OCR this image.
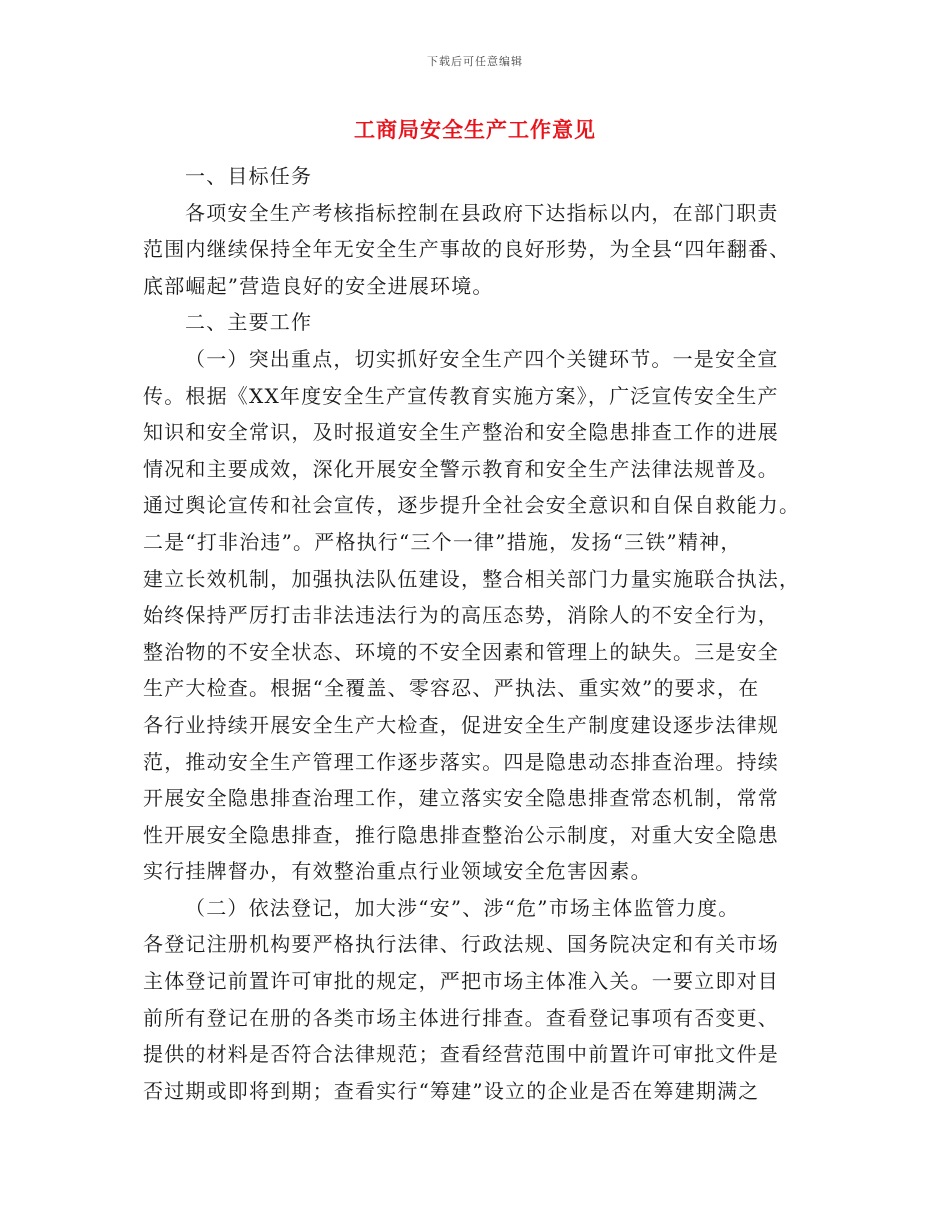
下载后可任意编辑
工商局安全生产工作意见
一、目标任务
各项安全生产考核指标控制在县政府下达指标以内，在部门职责
范围内继续保持全年无安全生产事故的良好形势，为全县“四年翻番、
底部崛起”营造良好的安全进展环境。
二、主要工作
（一）突出重点，切实抓好安全生产四个关键环节。一是安全宣
传。根据《XX年度安全生产宣传教育实施方案》，广泛宣传安全生产
知识和安全常识，及时报道安全生产整治和安全隐患排查工作的进展
情况和主要成效，深化开展安全警示教育和安全生产法律法规普及。
通过舆论宣传和社会宣传，逐步提升全社会安全意识和自保自救能力。
二是“打非治违”。严格执行“三个一律”措施，发扬“三铁”精神，
建立长效机制，加强执法队伍建设，整合相关部门力量实施联合执法，
始终保持严厉打击非法违法行为的高压态势，消除人的不安全行为，
整治物的不安全状态、环境的不安全因素和管理上的缺失。三是安全
生产大检查。根据“全覆盖、零容忍、严执法、重实效”的要求，在
各行业持续开展安全生产大检查，促进安全生产制度建设逐步法律规
范，推动安全生产管理工作逐步落实。四是隐患动态排查治理。持续
开展安全隐患排查治理工作，建立落实安全隐患排查常态机制，常常
性开展安全隐患排查，推行隐患排查整治公示制度，对重大安全隐患
实行挂牌督办，有效整治重点行业领域安全危害因素。
（二）依法登记，加大涉“安”、涉“危”市场主体监管力度。
各登记注册机构要严格执行法律、行政法规、国务院决定和有关市场
主体登记前置许可审批的规定，严把市场主体准入关。一要立即对目
前所有登记在册的各类市场主体进行排查。查看登记事项有否变更、
提供的材料是否符合法律规范；查看经营范围中前置许可审批文件是
否过期或即将到期；查看实行“筹建”设立的企业是否在筹建期满之
